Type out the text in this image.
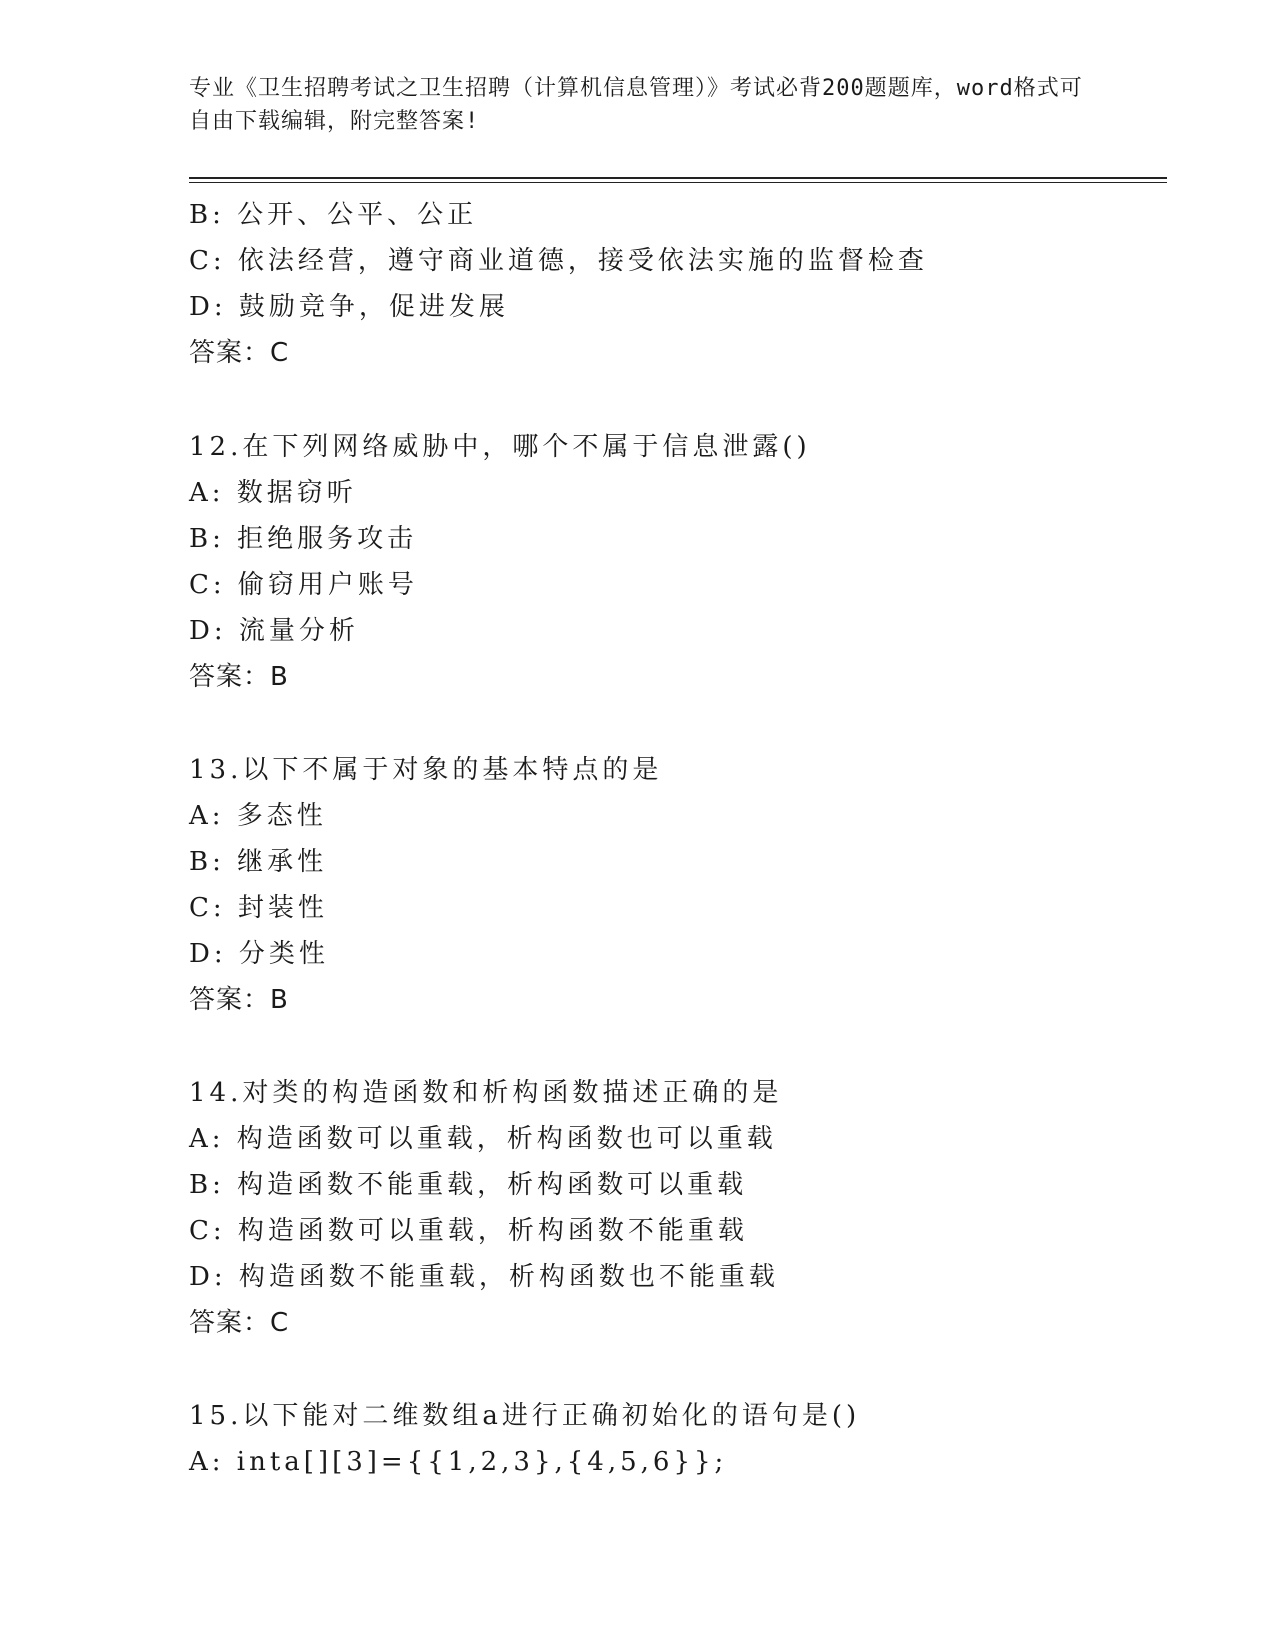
专业《卫生招聘考试之卫生招聘（计算机信息管理）》考试必背200题题库，word格式可自由下载编辑，附完整答案!
B: 公开、公平、公正
C: 依法经营，遵守商业道德，接受依法实施的监督检查
D: 鼓励竞争，促进发展
答案：C
12.在下列网络威胁中，哪个不属于信息泄露()
A: 数据窃听
B: 拒绝服务攻击
C: 偷窃用户账号
D: 流量分析
答案：B
13.以下不属于对象的基本特点的是
A: 多态性
B: 继承性
C: 封装性
D: 分类性
答案：B
14.对类的构造函数和析构函数描述正确的是
A: 构造函数可以重载，析构函数也可以重载
B: 构造函数不能重载，析构函数可以重载
C: 构造函数可以重载，析构函数不能重载
D: 构造函数不能重载，析构函数也不能重载
答案：C
15.以下能对二维数组a进行正确初始化的语句是()
A: inta[][3]={{1,2,3},{4,5,6}};
